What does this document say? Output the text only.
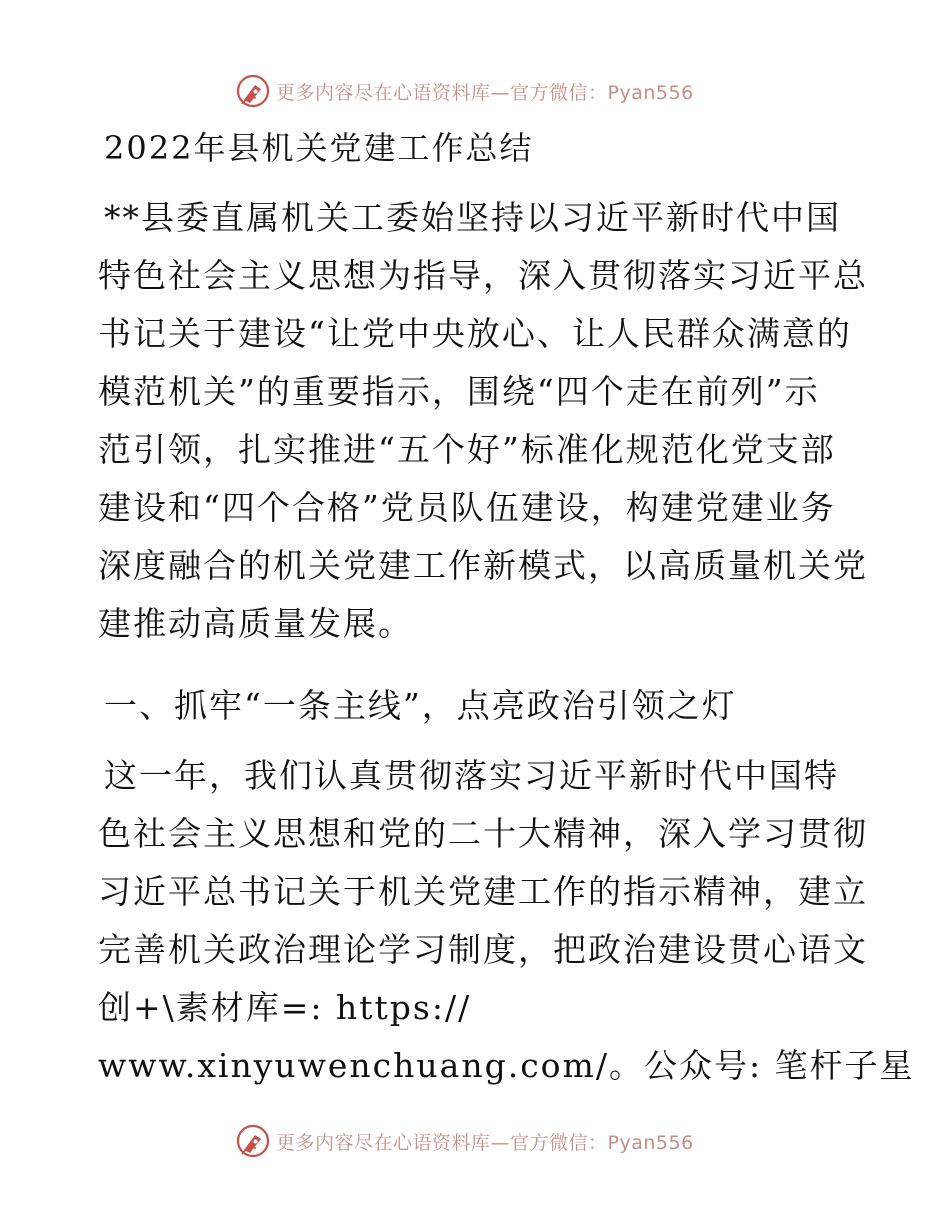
更多内容尽在心语资料库—官方微信：Pyan556
2022年县机关党建工作总结
**县委直属机关工委始坚持以习近平新时代中国
特色社会主义思想为指导，深入贯彻落实习近平总
书记关于建设“让党中央放心、让人民群众满意的
模范机关”的重要指示，围绕“四个走在前列”示
范引领，扎实推进“五个好”标准化规范化党支部
建设和“四个合格”党员队伍建设，构建党建业务
深度融合的机关党建工作新模式，以高质量机关党
建推动高质量发展。
一、抓牢“一条主线”，点亮政治引领之灯
这一年，我们认真贯彻落实习近平新时代中国特
色社会主义思想和党的二十大精神，深入学习贯彻
习近平总书记关于机关党建工作的指示精神，建立
完善机关政治理论学习制度，把政治建设贯心语文
创+\素材库=: https://
www.xinyuwenchuang.com/。公众号: 笔杆子星
更多内容尽在心语资料库—官方微信：Pyan556
